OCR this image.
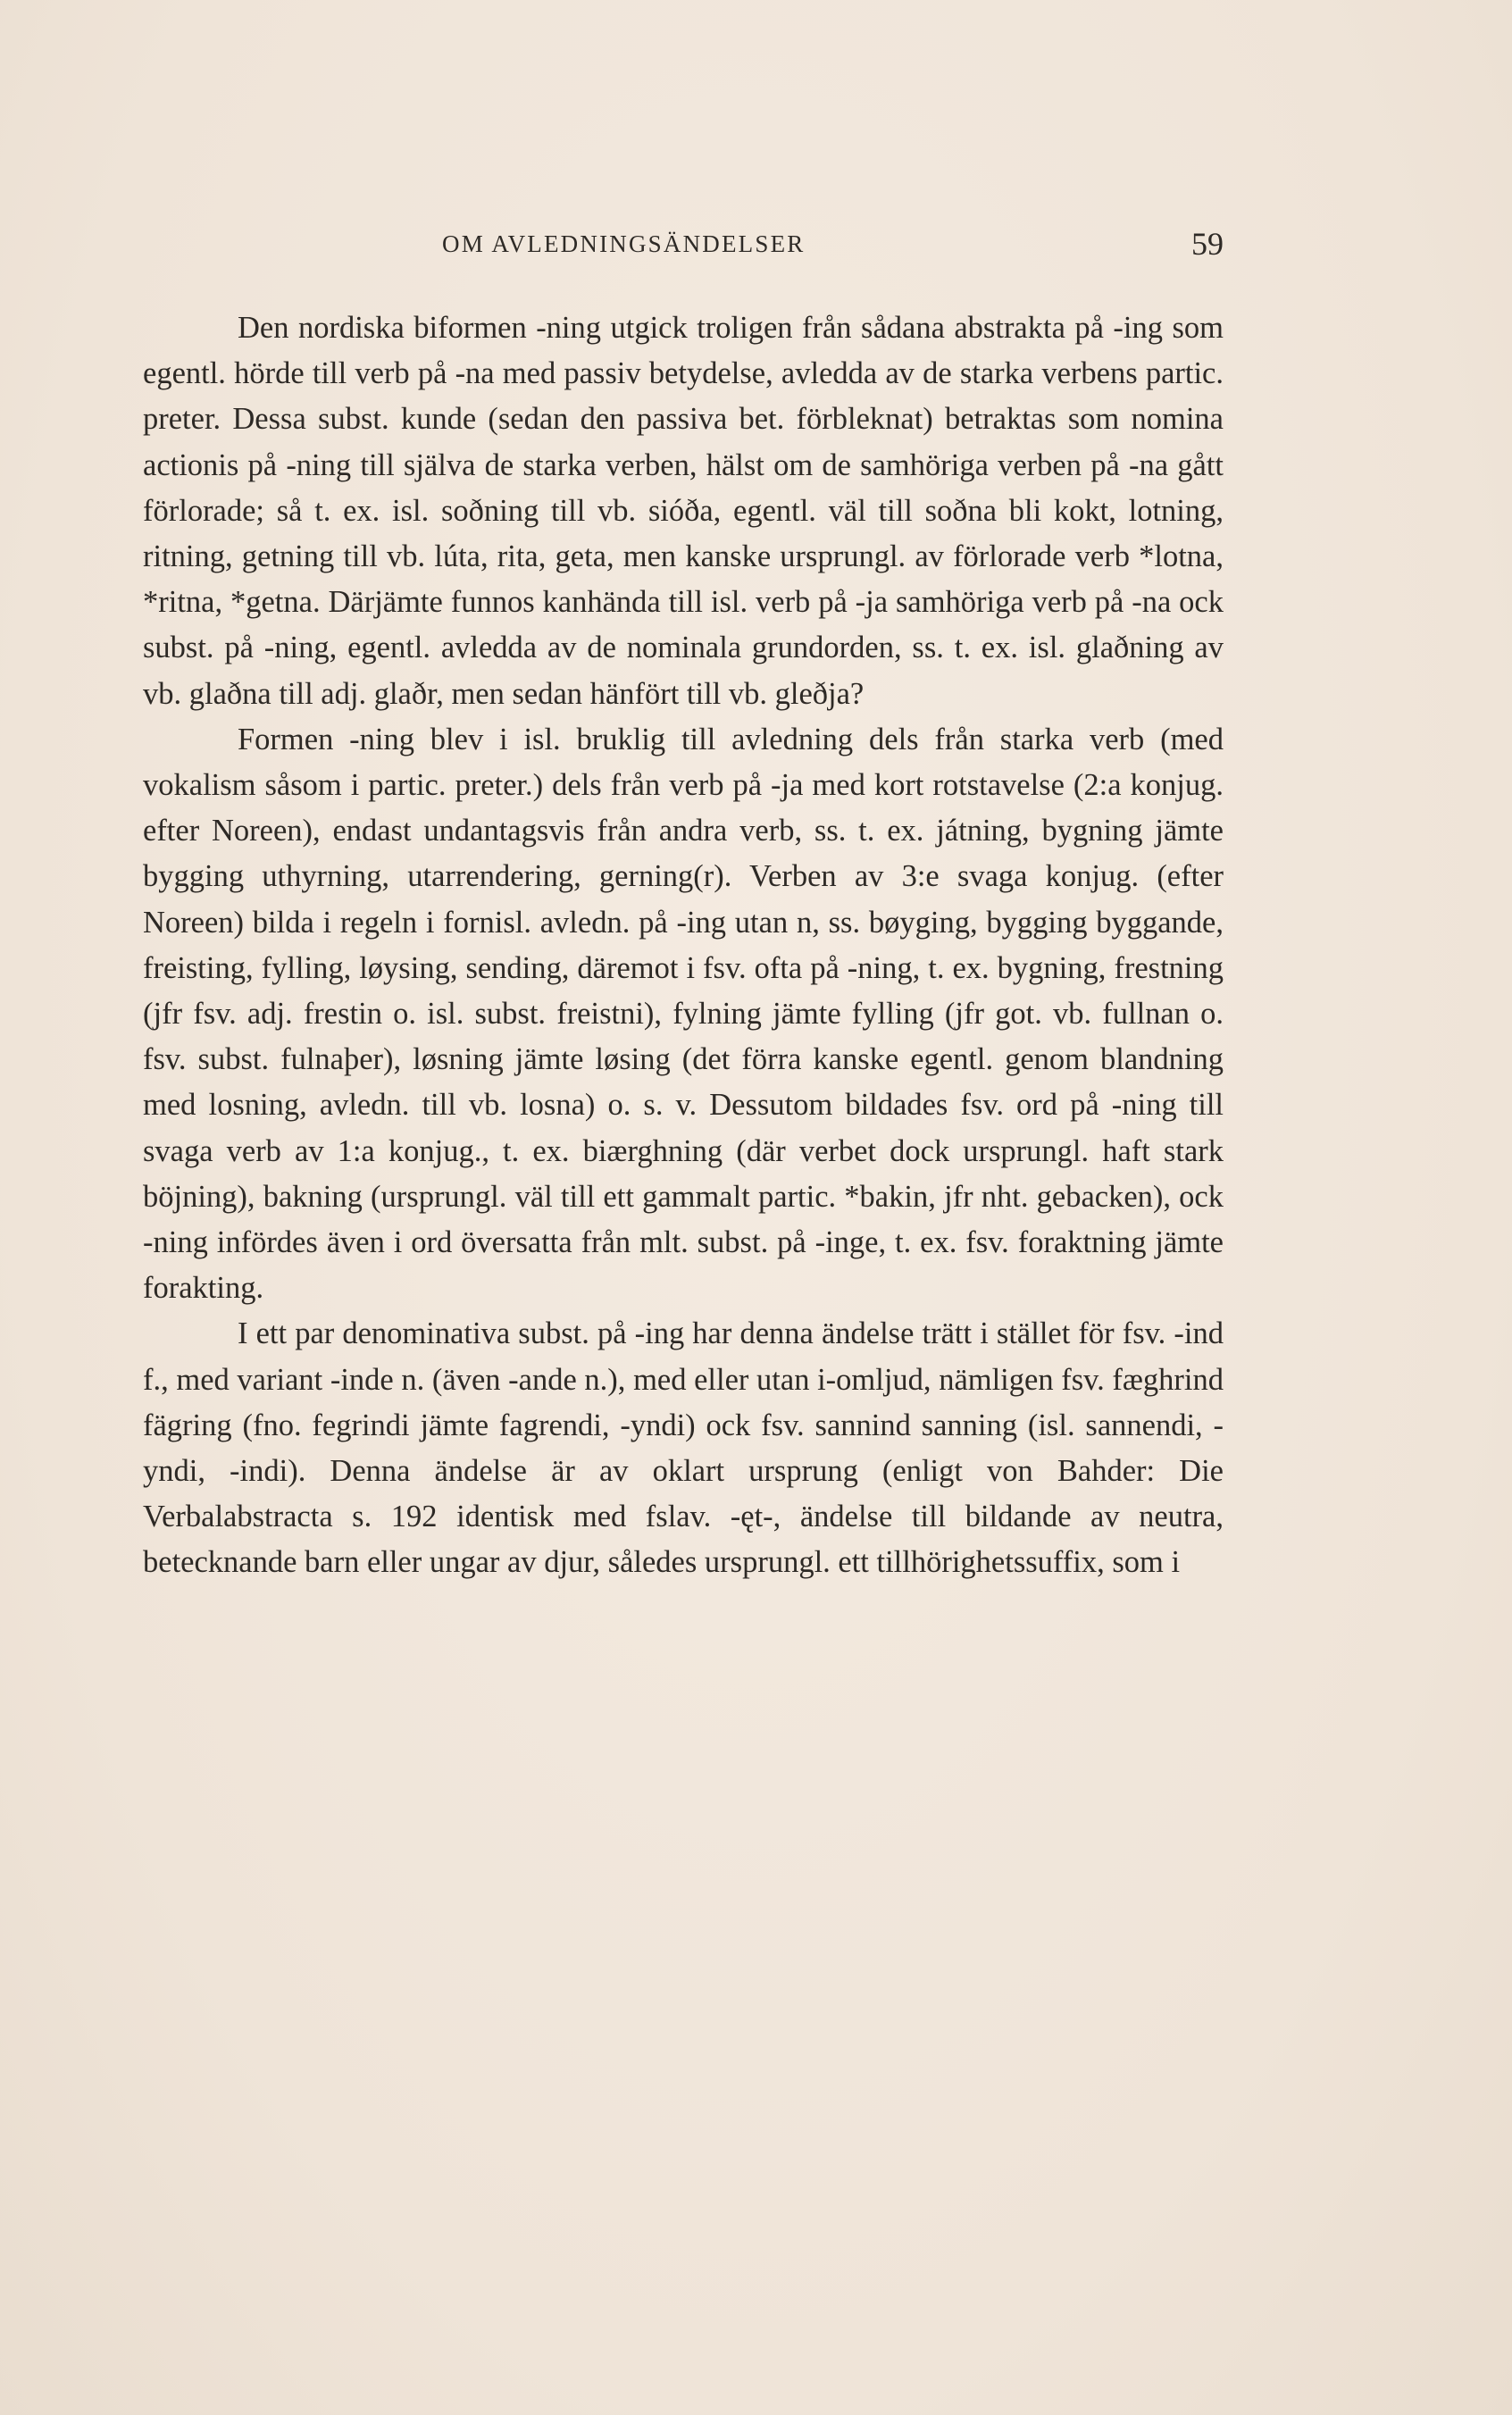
OM AVLEDNINGSÄNDELSER	59

Den nordiska biformen -ning utgick troligen från sådana abstrakta på -ing som egentl. hörde till verb på -na med passiv betydelse, avledda av de starka verbens partic. preter. Dessa subst. kunde (sedan den passiva bet. förbleknat) betraktas som nomina actionis på -ning till själva de starka verben, hälst om de samhöriga verben på -na gått förlorade; så t. ex. isl. soðning till vb. sióða, egentl. väl till soðna bli kokt, lotning, ritning, getning till vb. lúta, rita, geta, men kanske ursprungl. av förlorade verb *lotna, *ritna, *getna. Därjämte funnos kanhända till isl. verb på -ja samhöriga verb på -na ock subst. på -ning, egentl. avledda av de nominala grundorden, ss. t. ex. isl. glaðning av vb. glaðna till adj. glaðr, men sedan hänfört till vb. gleðja?

Formen -ning blev i isl. bruklig till avledning dels från starka verb (med vokalism såsom i partic. preter.) dels från verb på -ja med kort rotstavelse (2:a konjug. efter Noreen), endast undantagsvis från andra verb, ss. t. ex. játning, bygning jämte bygging uthyrning, utarrendering, gerning(r). Verben av 3:e svaga konjug. (efter Noreen) bilda i regeln i fornisl. avledn. på -ing utan n, ss. bøyging, bygging byggande, freisting, fylling, løysing, sending, däremot i fsv. ofta på -ning, t. ex. bygning, frestning (jfr fsv. adj. frestin o. isl. subst. freistni), fylning jämte fylling (jfr got. vb. fullnan o. fsv. subst. fulnaþer), løsning jämte løsing (det förra kanske egentl. genom blandning med losning, avledn. till vb. losna) o. s. v. Dessutom bildades fsv. ord på -ning till svaga verb av 1:a konjug., t. ex. biærghning (där verbet dock ursprungl. haft stark böjning), bakning (ursprungl. väl till ett gammalt partic. *bakin, jfr nht. gebacken), ock -ning infördes även i ord översatta från mlt. subst. på -inge, t. ex. fsv. foraktning jämte forakting.

I ett par denominativa subst. på -ing har denna ändelse trätt i stället för fsv. -ind f., med variant -inde n. (även -ande n.), med eller utan i-omljud, nämligen fsv. fæghrind fägring (fno. fegrindi jämte fagrendi, -yndi) ock fsv. sannind sanning (isl. sannendi, -yndi, -indi). Denna ändelse är av oklart ursprung (enligt von Bahder: Die Verbalabstracta s. 192 identisk med fslav. -ęt-, ändelse till bildande av neutra, betecknande barn eller ungar av djur, således ursprungl. ett tillhörighetssuffix, som i
